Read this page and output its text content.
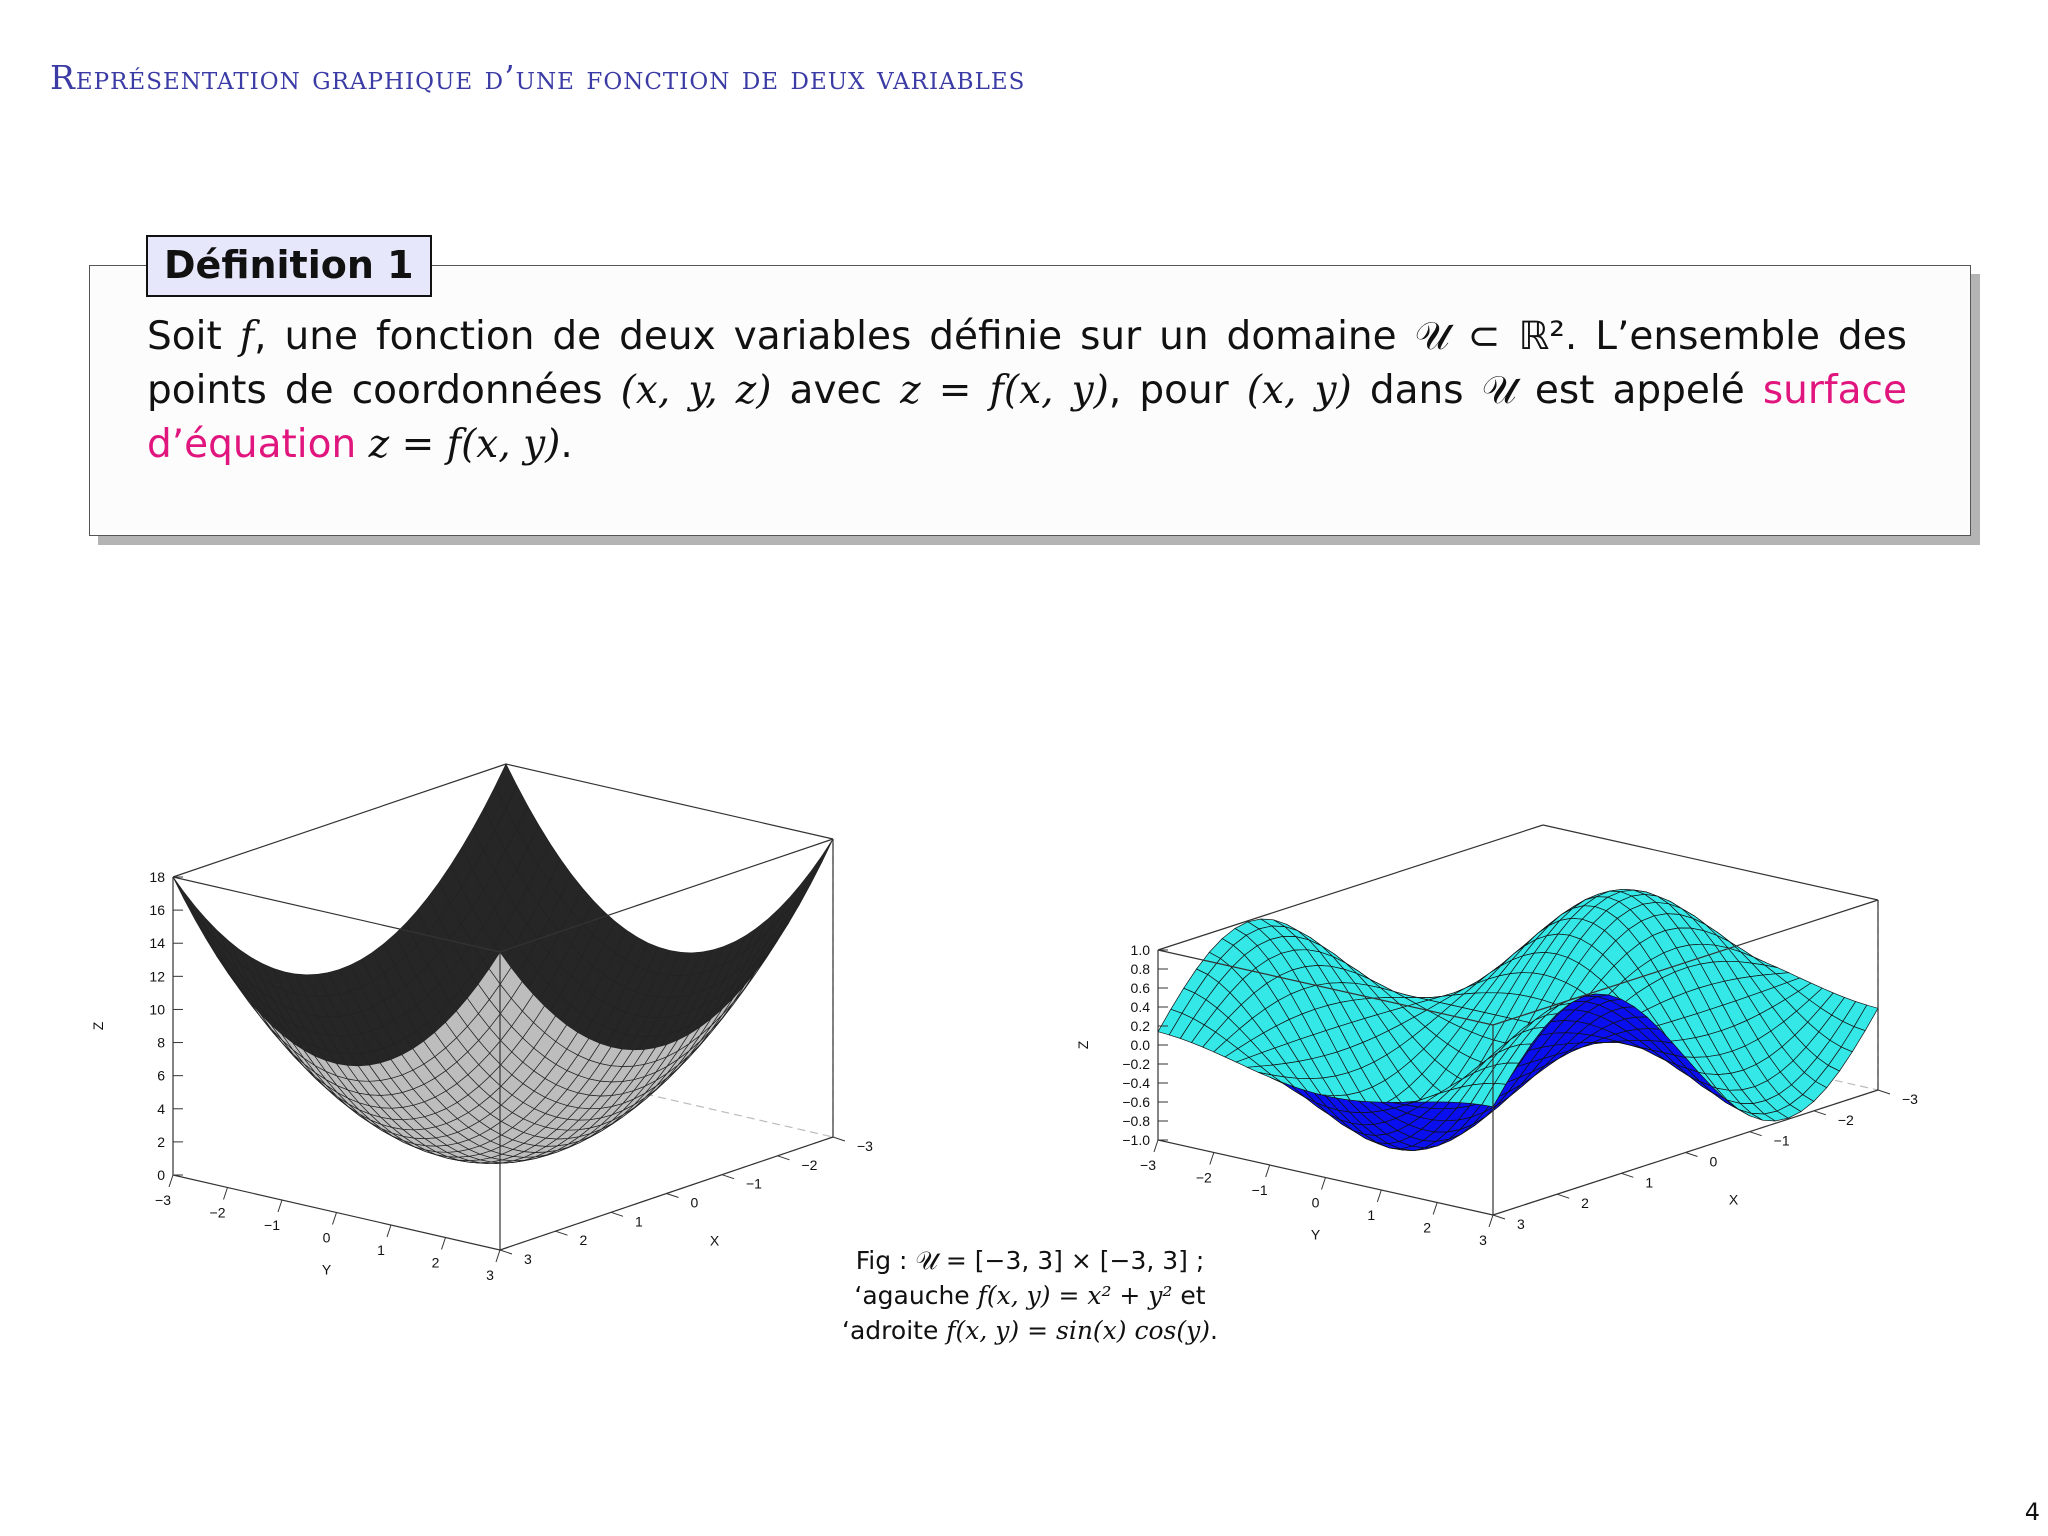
Représentation graphique d’une fonction de deux variables
Définition 1
Soit f, une fonction de deux variables définie sur un domaine 𝒰 ⊂ ℝ². L’ensemble des points de coordonnées (x, y, z) avec z = f(x, y), pour (x, y) dans 𝒰 est appelé surface d’équation z = f(x, y).
−3
−2
−1
0
1
2
3
Y
−3
−2
−1
0
1
2
3
X
0
2
4
6
8
10
12
14
16
18
Z
−3
−2
−1
0
1
2
3
Y
−3
−2
−1
0
1
2
3
X
−1.0
−0.8
−0.6
−0.4
−0.2
0.0
0.2
0.4
0.6
0.8
1.0
Z
Fig : 𝒰 = [−3, 3] × [−3, 3] ;
‘agauche f(x, y) = x² + y² et
‘adroite f(x, y) = sin(x) cos(y).
4
